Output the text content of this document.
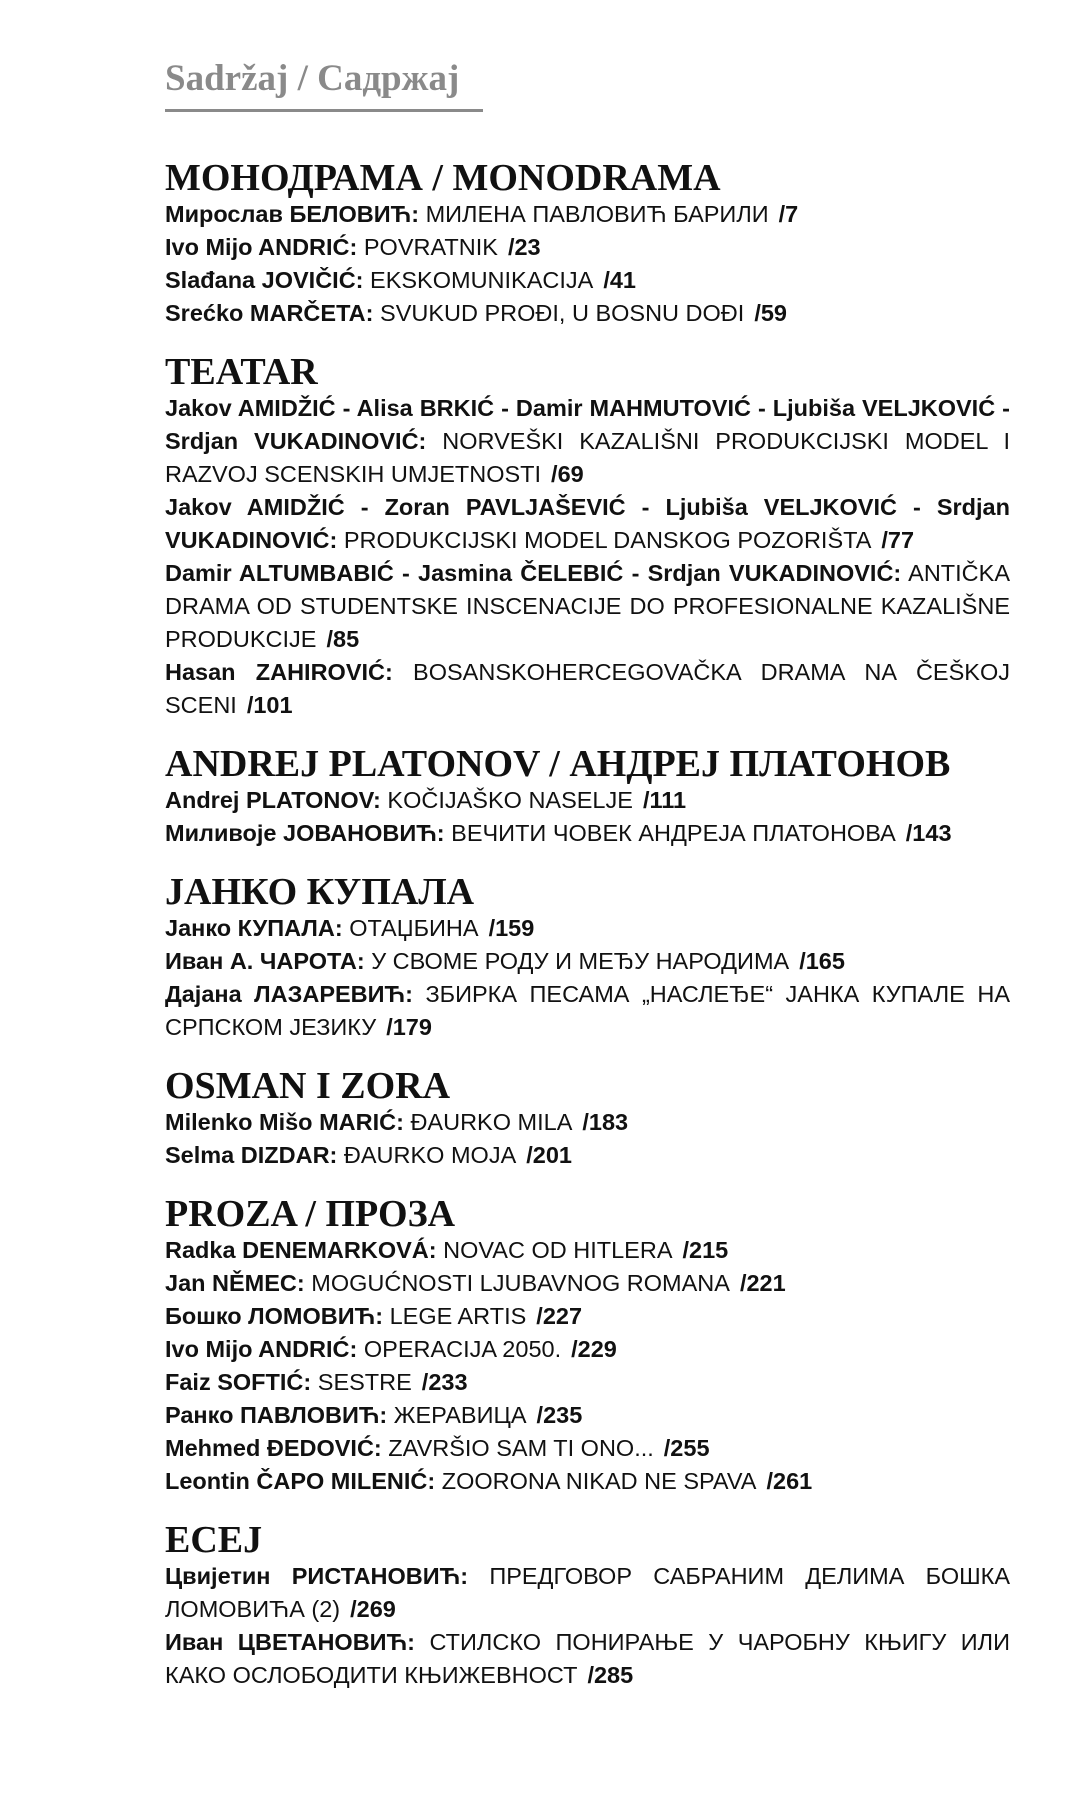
Sadržaj / Садржај
МОНОДРАМА / MONODRAMA
Мирослав БЕЛОВИЋ: МИЛЕНА ПАВЛОВИЋ БАРИЛИ /7
Ivo Mijo ANDRIĆ: POVRATNIK /23
Slađana JOVIČIĆ: EKSKOMUNIKACIJA /41
Srećko MARČETA: SVUKUD PROĐI, U BOSNU DOĐI /59
TEATAR
Jakov AMIDŽIĆ - Alisa BRKIĆ - Damir MAHMUTOVIĆ - Ljubiša VELJKOVIĆ - Srdjan VUKADINOVIĆ: NORVEŠKI KAZALIŠNI PRODUKCIJSKI MODEL I RAZVOJ SCENSKIH UMJETNOSTI /69
Jakov AMIDŽIĆ - Zoran PAVLJAŠEVIĆ - Ljubiša VELJKOVIĆ - Srdjan VUKADINOVIĆ: PRODUKCIJSKI MODEL DANSKOG POZORIŠTA /77
Damir ALTUMBABIĆ - Jasmina ČELEBIĆ - Srdjan VUKADINOVIĆ: ANTIČKA DRAMA OD STUDENTSKE INSCENACIJE DO PROFESIONALNE KAZALIŠNE PRODUKCIJE /85
Hasan ZAHIROVIĆ: BOSANSKOHERCEGOVAČKA DRAMA NA ČEŠKOJ SCENI /101
ANDREJ PLATONOV / АНДРЕЈ ПЛАТОНОВ
Andrej PLATONOV: KOČIJAŠKO NASELJE /111
Миливоје ЈОВАНОВИЋ: ВЕЧИТИ ЧОВЕК АНДРЕЈА ПЛАТОНОВА /143
ЈАНКО КУПАЛА
Јанко КУПАЛА: ОТАЏБИНА /159
Иван А. ЧАРОТА: У СВОМЕ РОДУ И МЕЂУ НАРОДИМА /165
Дајана ЛАЗАРЕВИЋ: ЗБИРКА ПЕСАМА „НАСЛЕЂЕ“ ЈАНКА КУПАЛЕ НА СРПСКОМ ЈЕЗИКУ /179
OSMAN I ZORA
Milenko Mišo MARIĆ: ĐAURKO MILA /183
Selma DIZDAR: ĐAURKO MOJA /201
PROZA / ПРОЗА
Radka DENEMARKOVÁ: NOVAC OD HITLERA /215
Jan NĚMEC: MOGUĆNOSTI LJUBAVNOG ROMANA /221
Бошко ЛОМОВИЋ: LEGE ARTIS /227
Ivo Mijo ANDRIĆ: OPERACIJA 2050. /229
Faiz SOFTIĆ: SESTRE /233
Ранко ПАВЛОВИЋ: ЖЕРАВИЦА /235
Mehmed ĐEDOVIĆ: ZAVRŠIO SAM TI ONO... /255
Leontin ČAPO MILENIĆ: ZOORONA NIKAD NE SPAVA /261
ЕСЕЈ
Цвијетин РИСТАНОВИЋ: ПРЕДГОВОР САБРАНИМ ДЕЛИМА БОШКА ЛОМОВИЋА (2) /269
Иван ЦВЕТАНОВИЋ: СТИЛСКО ПОНИРАЊЕ У ЧАРОБНУ КЊИГУ ИЛИ КАКО ОСЛОБОДИТИ КЊИЖЕВНОСТ /285
